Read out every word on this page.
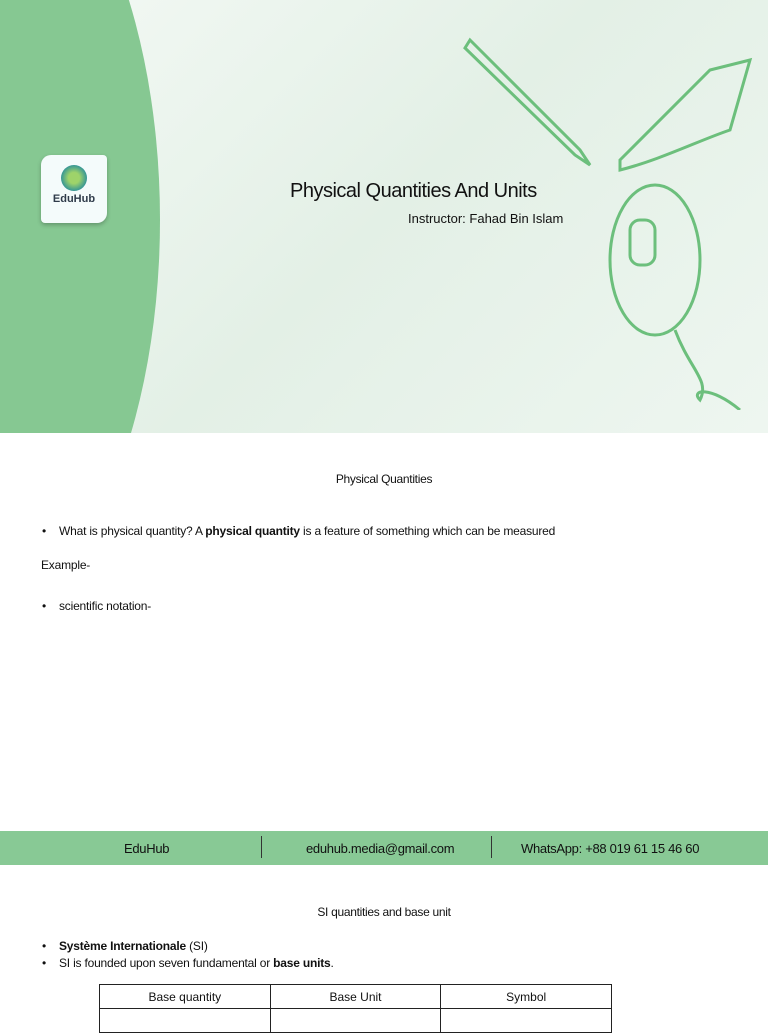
EduHub	Physical Quantities And Units
Instructor: Fahad Bin Islam
Physical Quantities
• What is physical quantity? A physical quantity is a feature of something which can be measured
Example-
• scientific notation-
EduHub	eduhub.media@gmail.com	WhatsApp: +88 019 61 15 46 60
SI quantities and base unit
• Système Internationale (SI)
• SI is founded upon seven fundamental or base units.
Base quantity	Base Unit	Symbol
